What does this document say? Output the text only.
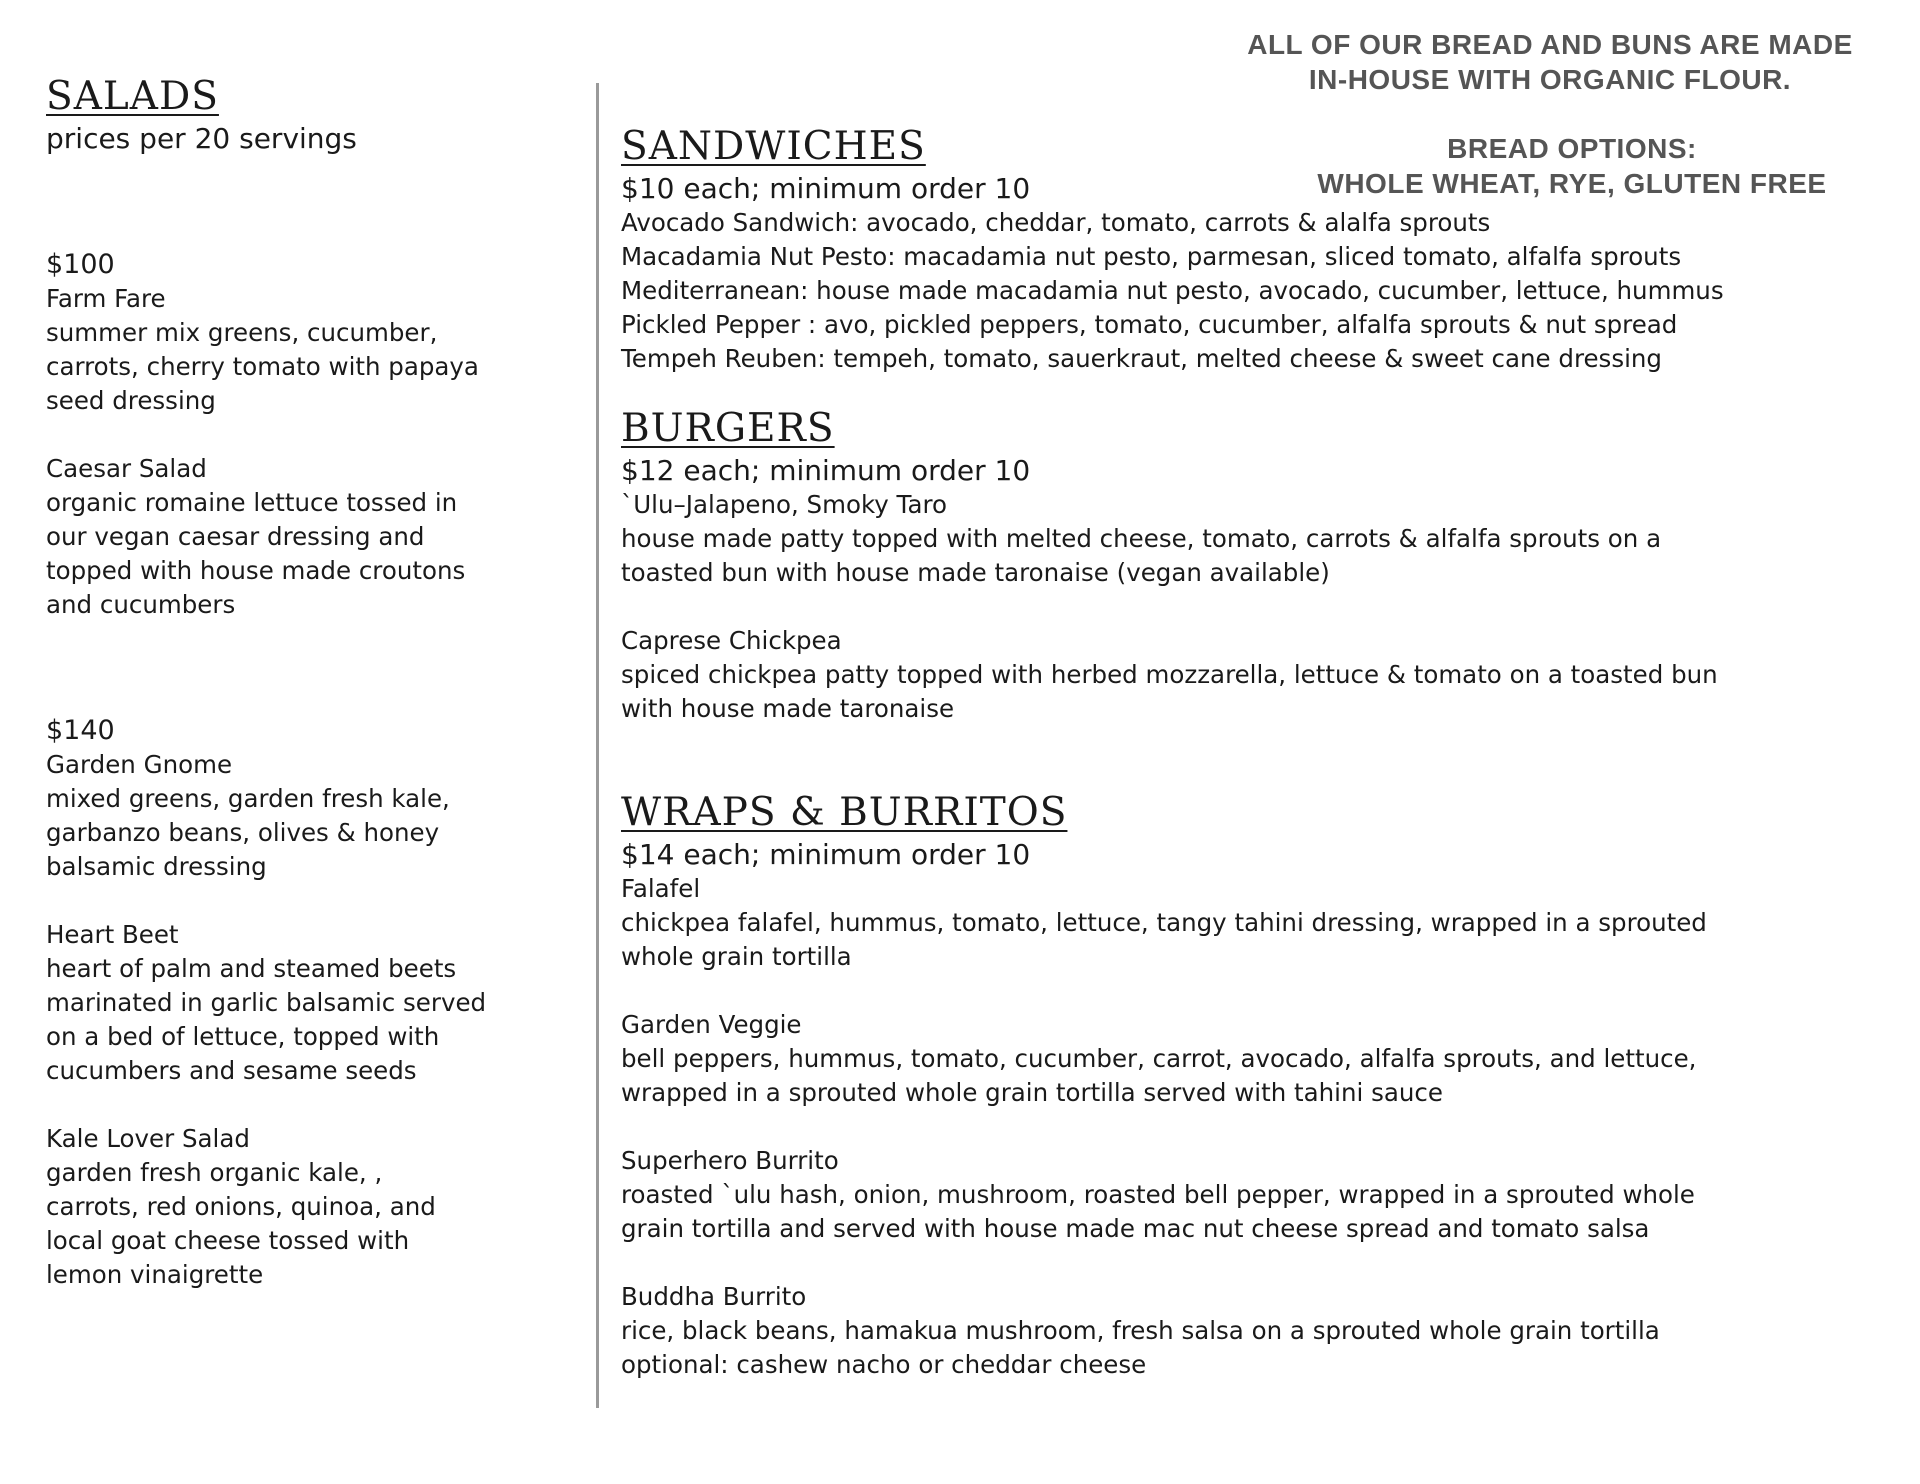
ALL OF OUR BREAD AND BUNS ARE MADE
IN-HOUSE WITH ORGANIC FLOUR.
BREAD OPTIONS:
WHOLE WHEAT, RYE, GLUTEN FREE
SALADS
prices per 20 servings
$100
Farm Fare
summer mix greens, cucumber,
carrots, cherry tomato with papaya
seed dressing
Caesar Salad
organic romaine lettuce tossed in
our vegan caesar dressing and
topped with house made croutons
and cucumbers
$140
Garden Gnome
mixed greens, garden fresh kale,
garbanzo beans, olives & honey
balsamic dressing
Heart Beet
heart of palm and steamed beets
marinated in garlic balsamic served
on a bed of lettuce, topped with
cucumbers and sesame seeds
Kale Lover Salad
garden fresh organic kale, ,
carrots, red onions, quinoa, and
local goat cheese tossed with
lemon vinaigrette
SANDWICHES
$10 each; minimum order 10
Avocado Sandwich: avocado, cheddar, tomato, carrots & alalfa sprouts
Macadamia Nut Pesto: macadamia nut pesto, parmesan, sliced tomato, alfalfa sprouts
Mediterranean: house made macadamia nut pesto, avocado, cucumber, lettuce, hummus
Pickled Pepper : avo, pickled peppers, tomato, cucumber, alfalfa sprouts & nut spread
Tempeh Reuben: tempeh, tomato, sauerkraut, melted cheese & sweet cane dressing
BURGERS
$12 each; minimum order 10
`Ulu–Jalapeno, Smoky Taro
house made patty topped with melted cheese, tomato, carrots & alfalfa sprouts on a
toasted bun with house made taronaise (vegan available)
Caprese Chickpea
spiced chickpea patty topped with herbed mozzarella, lettuce & tomato on a toasted bun
with house made taronaise
WRAPS & BURRITOS
$14 each; minimum order 10
Falafel
chickpea falafel, hummus, tomato, lettuce, tangy tahini dressing, wrapped in a sprouted
whole grain tortilla
Garden Veggie
bell peppers, hummus, tomato, cucumber, carrot, avocado, alfalfa sprouts, and lettuce,
wrapped in a sprouted whole grain tortilla served with tahini sauce
Superhero Burrito
roasted `ulu hash, onion, mushroom, roasted bell pepper, wrapped in a sprouted whole
grain tortilla and served with house made mac nut cheese spread and tomato salsa
Buddha Burrito
rice, black beans, hamakua mushroom, fresh salsa on a sprouted whole grain tortilla
optional: cashew nacho or cheddar cheese
